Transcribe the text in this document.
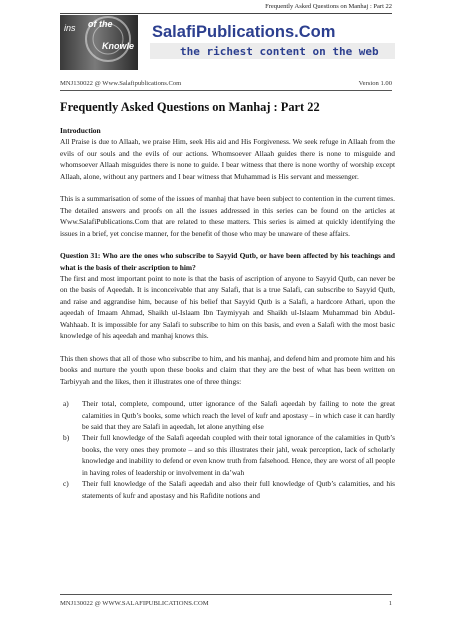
Frequently Asked Questions on Manhaj : Part 22
ins of the
Knowle
SalafiPublications.Com
the richest content on the web
MNJ130022 @ Www.Salafipublications.Com	Version 1.00
Frequently Asked Questions on Manhaj : Part 22

Introduction

All Praise is due to Allaah, we praise Him, seek His aid and His Forgiveness. We seek refuge in Allaah from the evils of our souls and the evils of our actions. Whomsoever Allaah guides there is none to misguide and whomsoever Allaah misguides there is none to guide. I bear witness that there is none worthy of worship except Allaah, alone, without any partners and I bear witness that Muhammad is His servant and messenger.

This is a summarisation of some of the issues of manhaj that have been subject to contention in the current times. The detailed answers and proofs on all the issues addressed in this series can be found on the articles at Www.SalafiPublications.Com that are related to these matters. This series is aimed at quickly identifying the issues in a brief, yet concise manner, for the benefit of those who may be unaware of these affairs.

Question 31: Who are the ones who subscribe to Sayyid Qutb, or have been affected by his teachings and what is the basis of their ascription to him?

The first and most important point to note is that the basis of ascription of anyone to Sayyid Qutb, can never be on the basis of Aqeedah. It is inconceivable that any Salafi, that is a true Salafi, can subscribe to Sayyid Qutb, and raise and aggrandise him, because of his belief that Sayyid Qutb is a Salafi, a hardcore Athari, upon the aqeedah of Imaam Ahmad, Shaikh ul-Islaam Ibn Taymiyyah and Shaikh ul-Islaam Muhammad bin Abdul-Wahhaab. It is impossible for any Salafi to subscribe to him on this basis, and even a Salafi with the most basic knowledge of his aqeedah and manhaj knows this.

This then shows that all of those who subscribe to him, and his manhaj, and defend him and promote him and his books and nurture the youth upon these books and claim that they are the best of what has been written on Tarbiyyah and the likes, then it illustrates one of three things:

a) Their total, complete, compound, utter ignorance of the Salafi aqeedah by failing to note the great calamities in Qutb’s books, some which reach the level of kufr and apostasy – in which case it can hardly be said that they are Salafi in aqeedah, let alone anything else
b) Their full knowledge of the Salafi aqeedah coupled with their total ignorance of the calamities in Qutb’s books, the very ones they promote – and so this illustrates their jahl, weak perception, lack of scholarly knowledge and inability to defend or even know truth from falsehood. Hence, they are worst of all people in having roles of leadership or involvement in da’wah
c) Their full knowledge of the Salafi aqeedah and also their full knowledge of Qutb’s calamities, and his statements of kufr and apostasy and his Rafidite notions and
MNJ130022 @ WWW.SALAFIPUBLICATIONS.COM	1
